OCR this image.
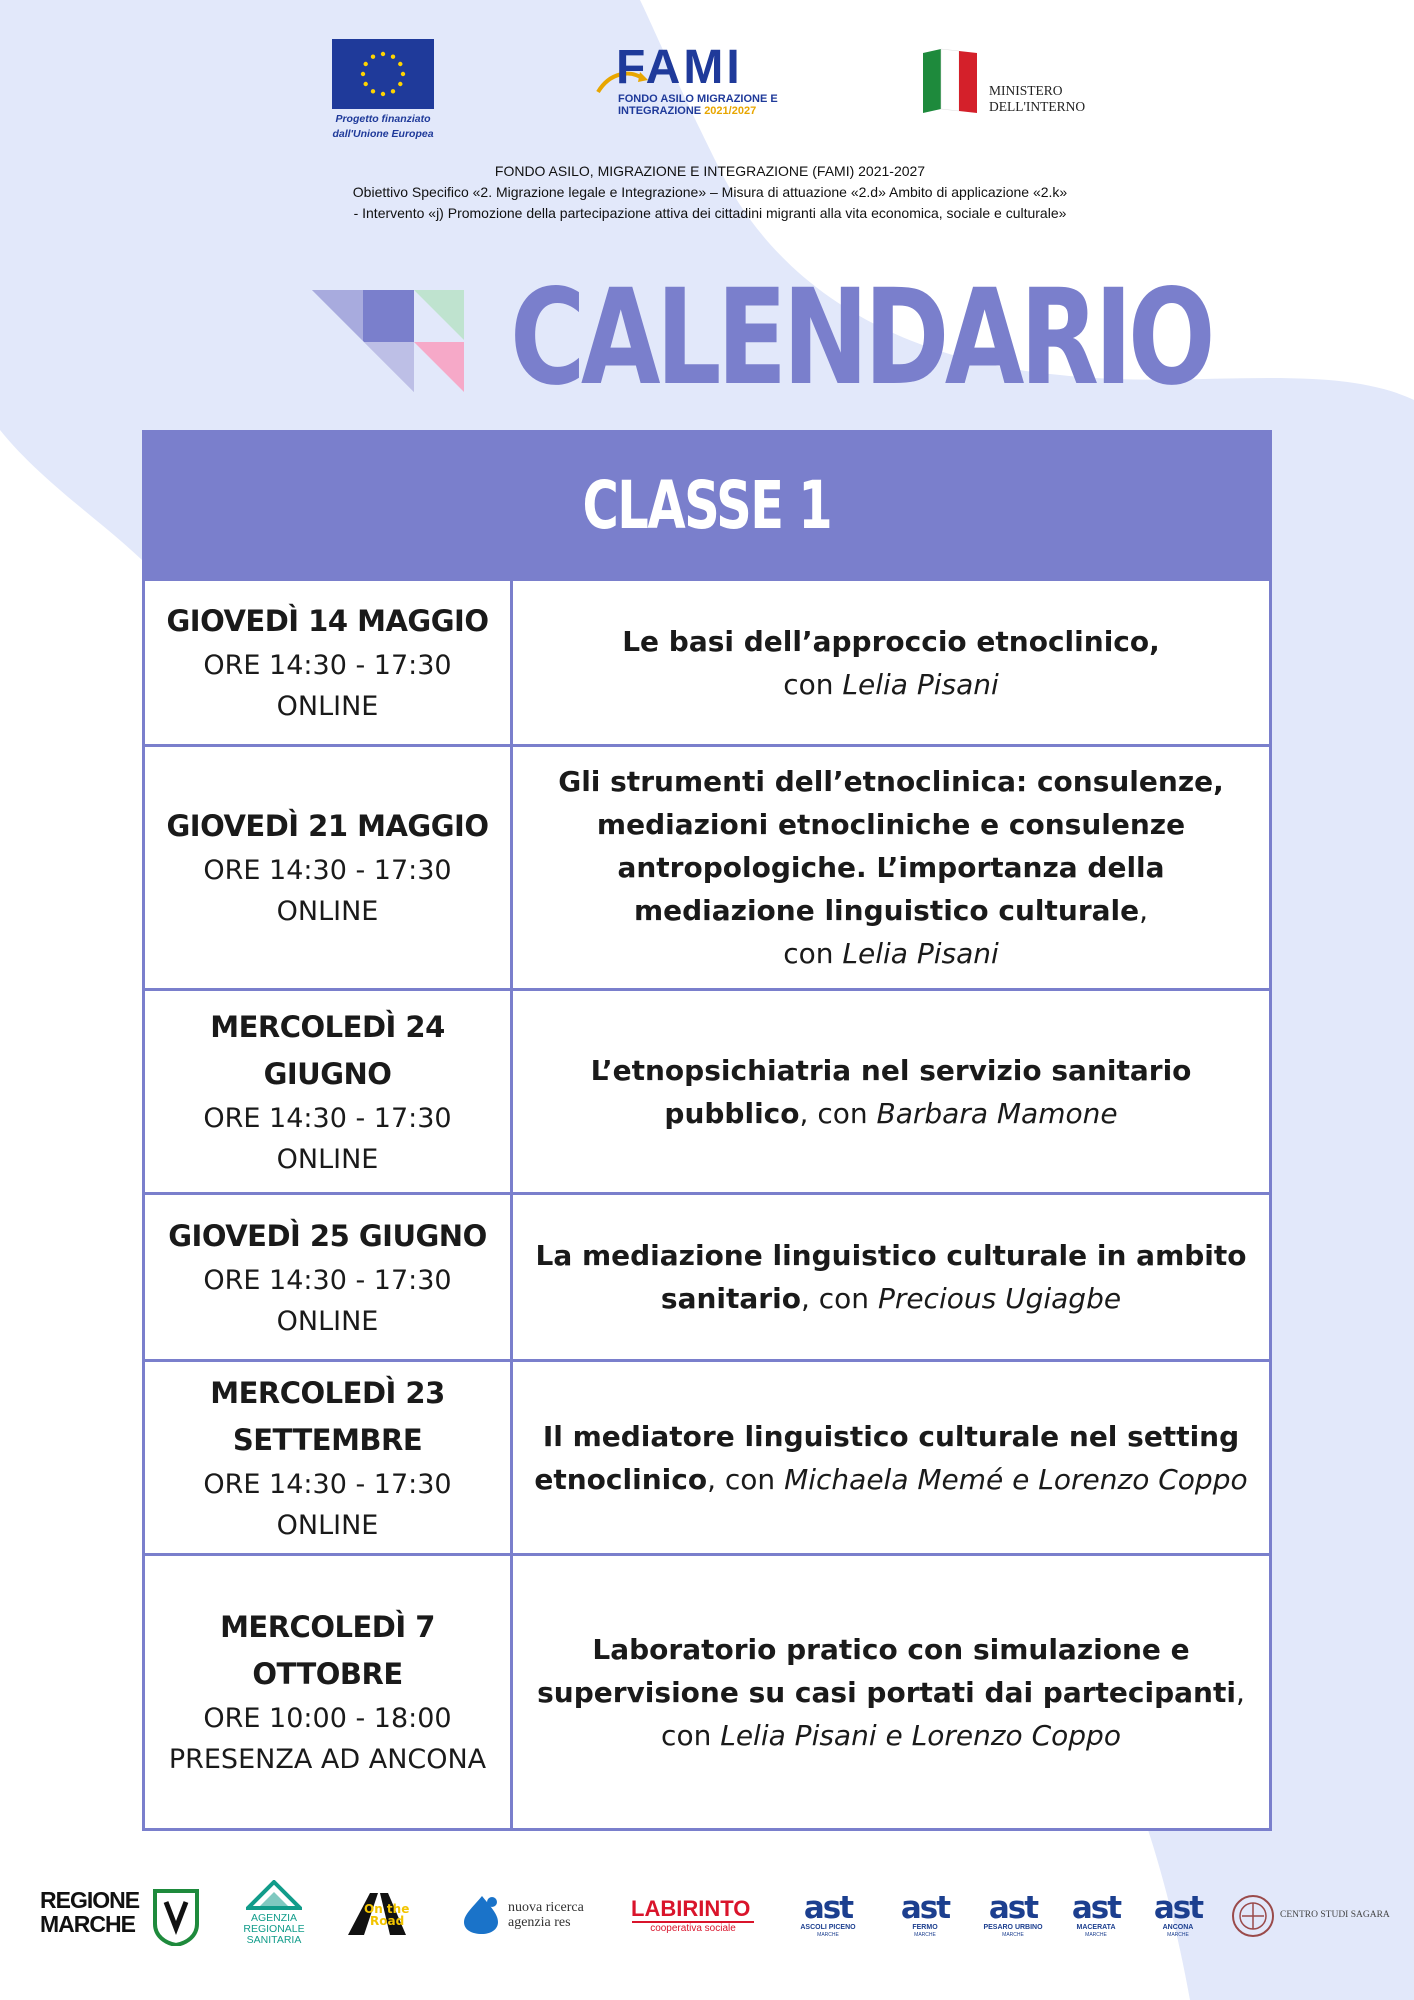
Progetto finanziato
dall'Unione Europea
FAMI
FONDO ASILO MIGRAZIONE E
INTEGRAZIONE 2021/2027
MINISTERO
DELL'INTERNO
FONDO ASILO, MIGRAZIONE E INTEGRAZIONE (FAMI) 2021-2027
Obiettivo Specifico «2. Migrazione legale e Integrazione» – Misura di attuazione «2.d» Ambito di applicazione «2.k»
- Intervento «j) Promozione della partecipazione attiva dei cittadini migranti alla vita economica, sociale e culturale»
CALENDARIO
CLASSE 1
GIOVEDÌ 14 MAGGIO
ORE 14:30 - 17:30
ONLINE
Le basi dell’approccio etnoclinico,
con Lelia Pisani
GIOVEDÌ 21 MAGGIO
ORE 14:30 - 17:30
ONLINE
Gli strumenti dell’etnoclinica: consulenze, mediazioni etnocliniche e consulenze antropologiche. L’importanza della mediazione linguistico culturale,
con Lelia Pisani
MERCOLEDÌ 24 GIUGNO
ORE 14:30 - 17:30
ONLINE
L’etnopsichiatria nel servizio sanitario pubblico, con Barbara Mamone
GIOVEDÌ 25 GIUGNO
ORE 14:30 - 17:30
ONLINE
La mediazione linguistico culturale in ambito sanitario, con Precious Ugiagbe
MERCOLEDÌ 23 SETTEMBRE
ORE 14:30 - 17:30
ONLINE
Il mediatore linguistico culturale nel setting etnoclinico, con Michaela Memé e Lorenzo Coppo
MERCOLEDÌ 7 OTTOBRE
ORE 10:00 - 18:00
PRESENZA AD ANCONA
Laboratorio pratico con simulazione e supervisione su casi portati dai partecipanti,
con Lelia Pisani e Lorenzo Coppo
REGIONE
MARCHE	AGENZIA
REGIONALE
SANITARIA
On the
Road
nuova ricerca
agenzia res
LABIRINTO
cooperativa sociale
ast
ASCOLI PICENO
MARCHE
ast
FERMO
MARCHE
ast
PESARO URBINO
MARCHE
ast
MACERATA
MARCHE
ast
ANCONA
MARCHE
CENTRO STUDI SAGARA
